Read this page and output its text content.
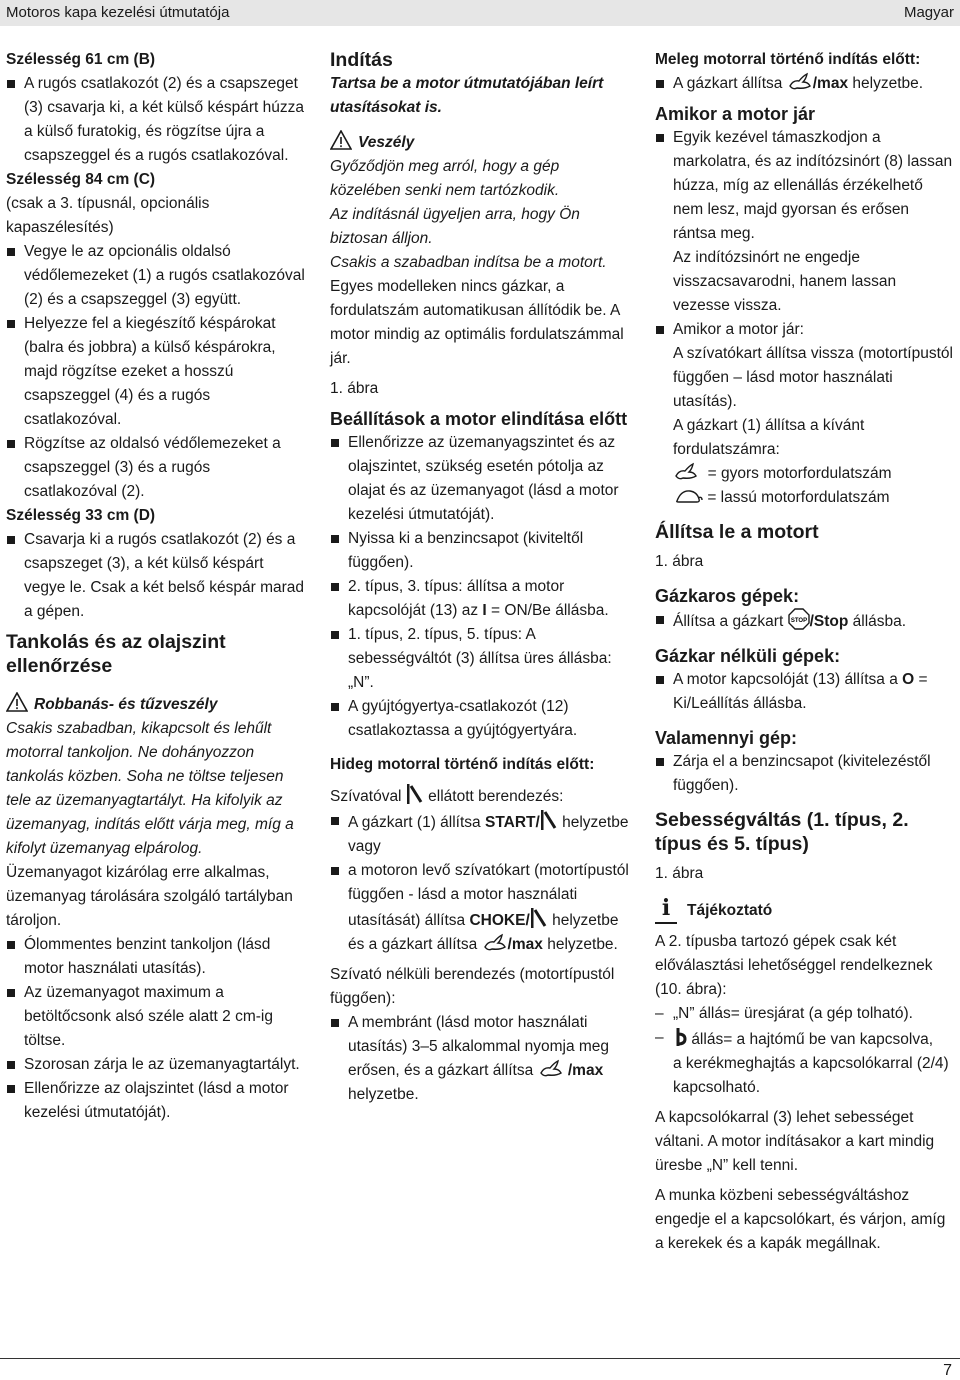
Motoros kapa kezelési útmutatója	Magyar

Szélesség 61 cm (B)

A rugós csatlakozót (2) és a csapszeget (3) csavarja ki, a két külső késpárt húzza a külső furatokig, és rögzítse újra a csapszeggel és a rugós csatlakozóval.

Szélesség 84 cm (C)

(csak a 3. típusnál, opcionális kapaszélesítés)

Vegye le az opcionális oldalsó védőlemezeket (1) a rugós csatlakozóval (2) és a csapszeggel (3) együtt.
Helyezze fel a kiegészítő késpárokat (balra és jobbra) a külső késpárokra, majd rögzítse ezeket a hosszú csapszeggel (4) és a rugós csatlakozóval.
Rögzítse az oldalsó védőlemezeket a csapszeggel (3) és a rugós csatlakozóval (2).

Szélesség 33 cm (D)

Csavarja ki a rugós csatlakozót (2) és a csapszeget (3), a két külső késpárt vegye le. Csak a két belső késpár marad a gépen.

Tankolás és az olajszint ellenőrzése

Robbanás- és tűzveszély

Csakis szabadban, kikapcsolt és lehűlt motorral tankoljon. Ne dohányozzon tankolás közben. Soha ne töltse teljesen tele az üzemanyagtartályt. Ha kifolyik az üzemanyag, indítás előtt várja meg, míg a kifolyt üzemanyag elpárolog.

Üzemanyagot kizárólag erre alkalmas, üzemanyag tárolására szolgáló tartályban tároljon.

Ólommentes benzint tankoljon (lásd motor használati utasítás).
Az üzemanyagot maximum a betöltőcsonk alsó széle alatt 2 cm-ig töltse.
Szorosan zárja le az üzemanyagtartályt.
Ellenőrizze az olajszintet (lásd a motor kezelési útmutatóját).

Indítás

Tartsa be a motor útmutatójában leírt utasításokat is.

Veszély

Győződjön meg arról, hogy a gép közelében senki nem tartózkodik.

Az indításnál ügyeljen arra, hogy Ön biztosan álljon.

Csakis a szabadban indítsa be a motort.

Egyes modelleken nincs gázkar, a fordulatszám automatikusan állítódik be. A motor mindig az optimális fordulatszámmal jár.

1. ábra

Beállítások a motor elindítása előtt

Ellenőrizze az üzemanyagszintet és az olajszintet, szükség esetén pótolja az olajat és az üzemanyagot (lásd a motor kezelési útmutatóját).
Nyissa ki a benzincsapot (kiviteltől függően).
2. típus, 3. típus: állítsa a motor kapcsolóját (13) az I = ON/Be állásba.
1. típus, 2. típus, 5. típus: A sebességváltót (3) állítsa üres állásba: „N”.
A gyújtógyertya-csatlakozót (12) csatlakoztassa a gyújtógyertyára.

Hideg motorral történő indítás előtt:

Szívatóval ellátott berendezés:

A gázkart (1) állítsa START/ helyzetbe

vagy

a motoron levő szívatókart (motortípustól függően - lásd a motor használati utasítását) állítsa CHOKE/ helyzetbe és a gázkart állítsa /max helyzetbe.

Szívató nélküli berendezés (motortípustól függően):

A membránt (lásd motor használati utasítás) 3–5 alkalommal nyomja meg erősen, és a gázkart állítsa /max helyzetbe.

Meleg motorral történő indítás előtt:

A gázkart állítsa /max helyzetbe.

Amikor a motor jár

Egyik kezével támaszkodjon a markolatra, és az indítózsinórt (8) lassan húzza, míg az ellenállás érzékelhető nem lesz, majd gyorsan és erősen rántsa meg.
Az indítózsinórt ne engedje visszacsavarodni, hanem lassan vezesse vissza.
Amikor a motor jár:
A szívatókart állítsa vissza (motortípustól függően – lásd motor használati utasítás).
A gázkart (1) állítsa a kívánt fordulatszámra:

= gyors motorfordulatszám

= lassú motorfordulatszám

Állítsa le a motort

1. ábra

Gázkaros gépek:

Állítsa a gázkart STOP /Stop állásba.

Gázkar nélküli gépek:

A motor kapcsolóját (13) állítsa a O = Ki/Leállítás állásba.

Valamennyi gép:

Zárja el a benzincsapot (kivitelezéstől függően).

Sebességváltás (1. típus, 2. típus és 5. típus)

1. ábra

i Tájékoztató

A 2. típusba tartozó gépek csak két előválasztási lehetőséggel rendelkeznek (10. ábra):

– „N” állás= üresjárat (a gép tolható).
–	állás= a hajtómű be van kapcsolva,
a kerékmeghajtás a kapcsolókarral (2/4) kapcsolható.

A kapcsolókarral (3) lehet sebességet váltani. A motor indításakor a kart mindig üresbe „N” kell tenni.

A munka közbeni sebességváltáshoz engedje el a kapcsolókart, és várjon, amíg a kerekek és a kapák megállnak.

7
